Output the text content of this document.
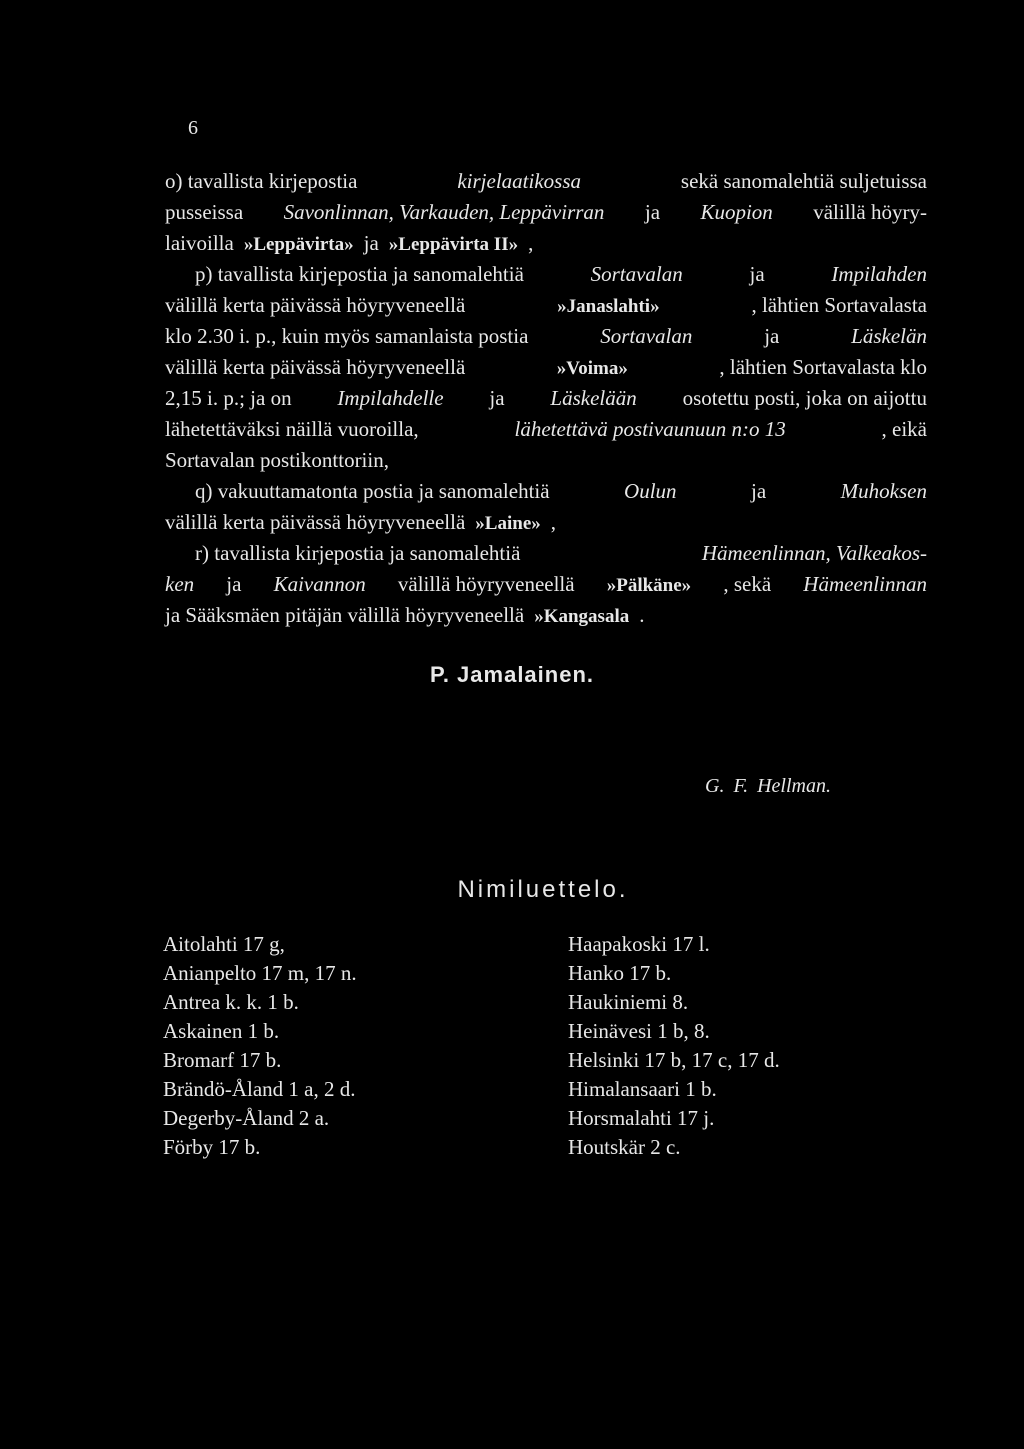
6
o) tavallista kirjepostia	kirjelaatikossa	sekä sanomalehtiä suljetuissa
pusseissa Savonlinnan, Varkauden, Leppävirran ja Kuopion välillä höyry-
laivoilla »Leppävirta» ja »Leppävirta II» ,
p) tavallista kirjepostia ja sanomalehtiä	Sortavalan	ja	Impilahden
välillä kerta päivässä höyryveneellä	»Janaslahti»	, lähtien Sortavalasta
klo 2.30 i. p., kuin myös samanlaista postia	Sortavalan	ja	Läskelän
välillä kerta päivässä höyryveneellä	»Voima»	, lähtien Sortavalasta klo
2,15 i. p.; ja on Impilahdelle ja Läskelään osotettu posti, joka on aijottu
lähetettäväksi näillä vuoroilla,	lähetettävä postivaunuun n:o 13	, eikä
Sortavalan postikonttoriin,
q) vakuuttamatonta postia ja sanomalehtiä	Oulun	ja	Muhoksen
välillä kerta päivässä höyryveneellä »Laine» ,
r) tavallista kirjepostia ja sanomalehtiä	Hämeenlinnan, Valkeakos-
ken ja Kaivannon välillä höyryveneellä »Pälkäne» , sekä Hämeenlinnan
ja Sääksmäen pitäjän välillä höyryveneellä »Kangasala .
P. Jamalainen.
G. F. Hellman.
Nimiluettelo.
Aitolahti 17 g,
Anianpelto 17 m, 17 n.
Antrea k. k. 1 b.
Askainen 1 b.
Bromarf 17 b.
Brändö-Åland 1 a, 2 d.
Degerby-Åland 2 a.
Förby 17 b.
Haapakoski 17 l.
Hanko 17 b.
Haukiniemi 8.
Heinävesi 1 b, 8.
Helsinki 17 b, 17 c, 17 d.
Himalansaari 1 b.
Horsmalahti 17 j.
Houtskär 2 c.
